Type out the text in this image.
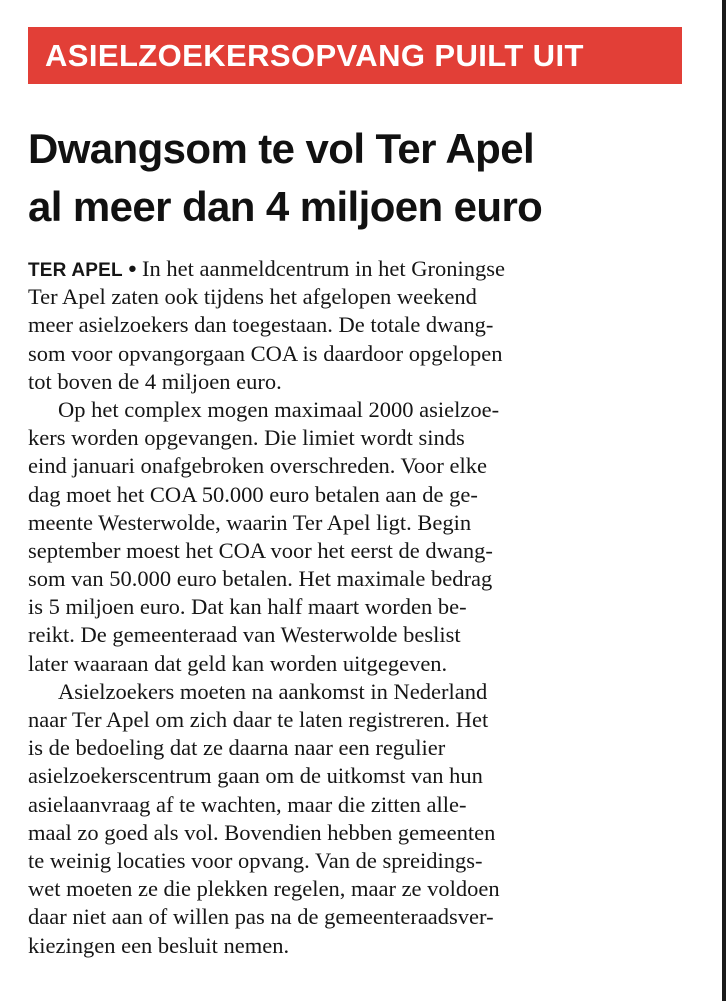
ASIELZOEKERSOPVANG PUILT UIT
Dwangsom te vol Ter Apel
al meer dan 4 miljoen euro
TER APEL • In het aanmeldcentrum in het Groningse
Ter Apel zaten ook tijdens het afgelopen weekend
meer asielzoekers dan toegestaan. De totale dwang-
som voor opvangorgaan COA is daardoor opgelopen
tot boven de 4 miljoen euro.
Op het complex mogen maximaal 2000 asielzoe-
kers worden opgevangen. Die limiet wordt sinds
eind januari onafgebroken overschreden. Voor elke
dag moet het COA 50.000 euro betalen aan de ge-
meente Westerwolde, waarin Ter Apel ligt. Begin
september moest het COA voor het eerst de dwang-
som van 50.000 euro betalen. Het maximale bedrag
is 5 miljoen euro. Dat kan half maart worden be-
reikt. De gemeenteraad van Westerwolde beslist
later waaraan dat geld kan worden uitgegeven.
Asielzoekers moeten na aankomst in Nederland
naar Ter Apel om zich daar te laten registreren. Het
is de bedoeling dat ze daarna naar een regulier
asielzoekerscentrum gaan om de uitkomst van hun
asielaanvraag af te wachten, maar die zitten alle-
maal zo goed als vol. Bovendien hebben gemeenten
te weinig locaties voor opvang. Van de spreidings-
wet moeten ze die plekken regelen, maar ze voldoen
daar niet aan of willen pas na de gemeenteraadsver-
kiezingen een besluit nemen.
